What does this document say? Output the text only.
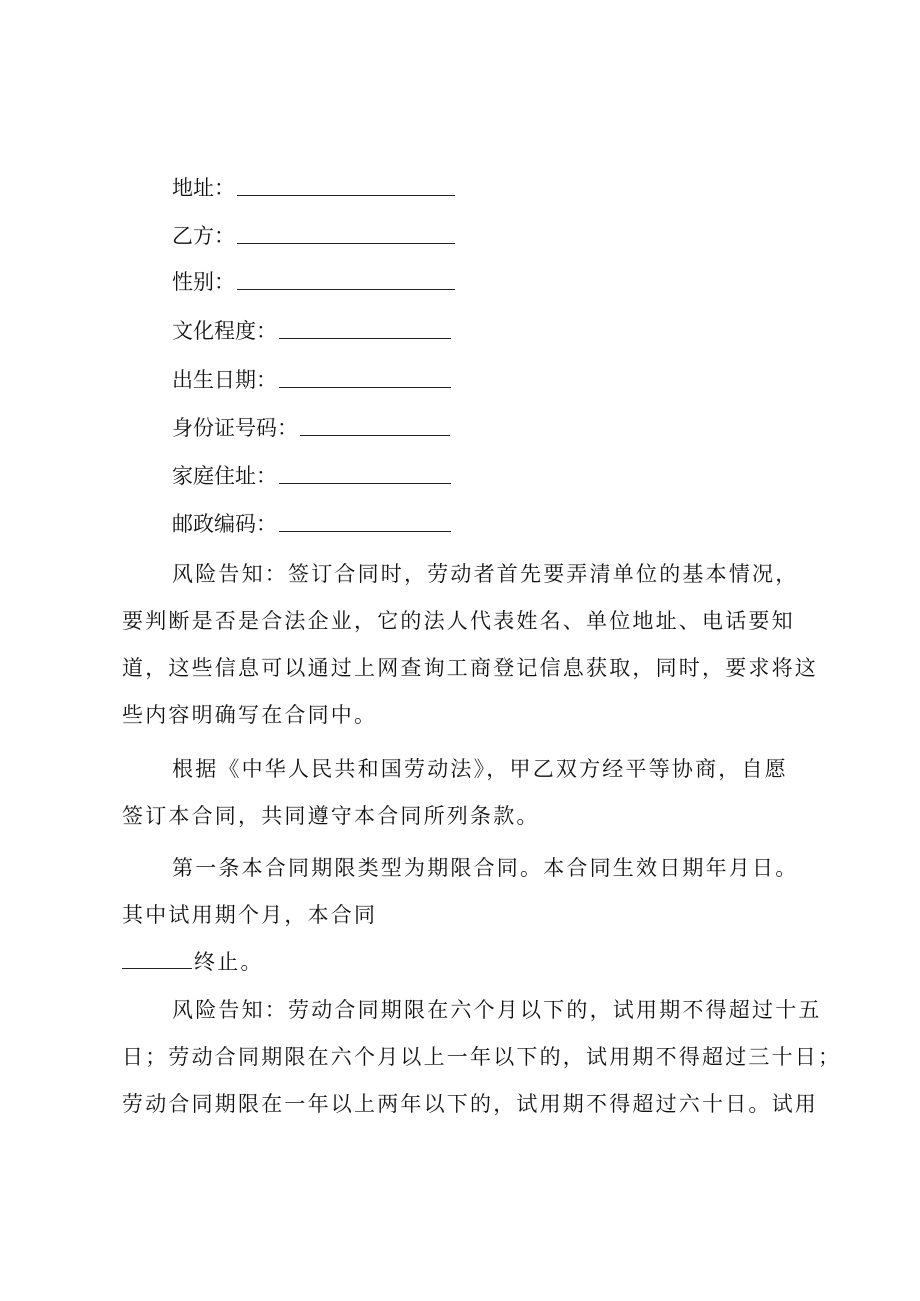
地址：
乙方：
性别：
文化程度：
出生日期：
身份证号码：
家庭住址：
邮政编码：
风险告知：签订合同时，劳动者首先要弄清单位的基本情况，
要判断是否是合法企业，它的法人代表姓名、单位地址、电话要知
道，这些信息可以通过上网查询工商登记信息获取，同时，要求将这
些内容明确写在合同中。
根据《中华人民共和国劳动法》，甲乙双方经平等协商，自愿
签订本合同，共同遵守本合同所列条款。
第一条本合同期限类型为期限合同。本合同生效日期年月日。
其中试用期个月，本合同
终止。
风险告知：劳动合同期限在六个月以下的，试用期不得超过十五
日；劳动合同期限在六个月以上一年以下的，试用期不得超过三十日；
劳动合同期限在一年以上两年以下的，试用期不得超过六十日。试用
